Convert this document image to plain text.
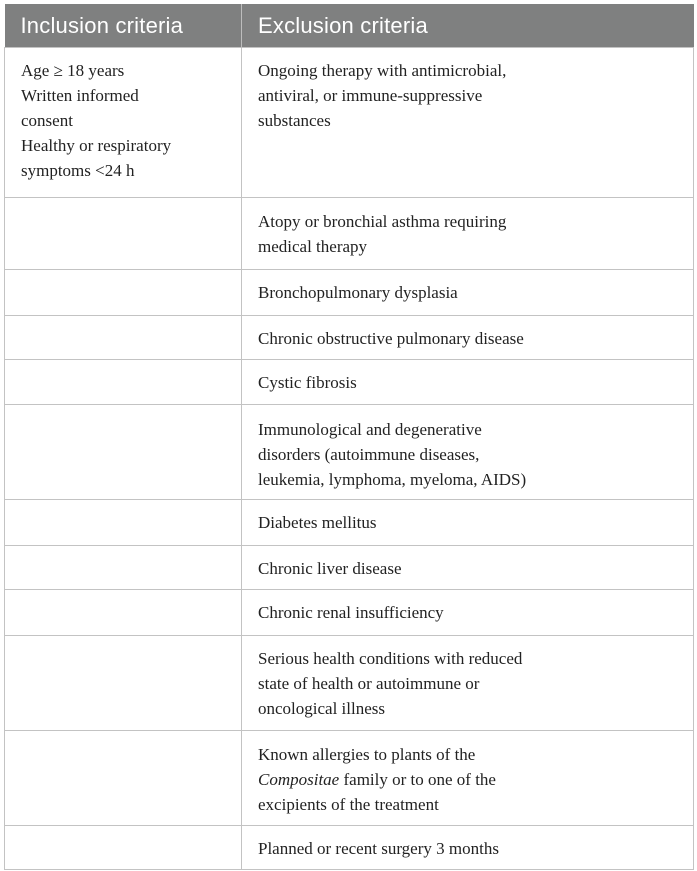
Inclusion criteria	Exclusion criteria

Age ≥ 18 years
Written informed
consent
Healthy or respiratory
symptoms <24 h	Ongoing therapy with antimicrobial,
antiviral, or immune-suppressive
substances

	Atopy or bronchial asthma requiring
medical therapy

	Bronchopulmonary dysplasia

	Chronic obstructive pulmonary disease

	Cystic fibrosis

	Immunological and degenerative
disorders (autoimmune diseases,
leukemia, lymphoma, myeloma, AIDS)

	Diabetes mellitus

	Chronic liver disease

	Chronic renal insufficiency

	Serious health conditions with reduced
state of health or autoimmune or
oncological illness

	Known allergies to plants of the
Compositae family or to one of the
excipients of the treatment

	Planned or recent surgery 3 months
